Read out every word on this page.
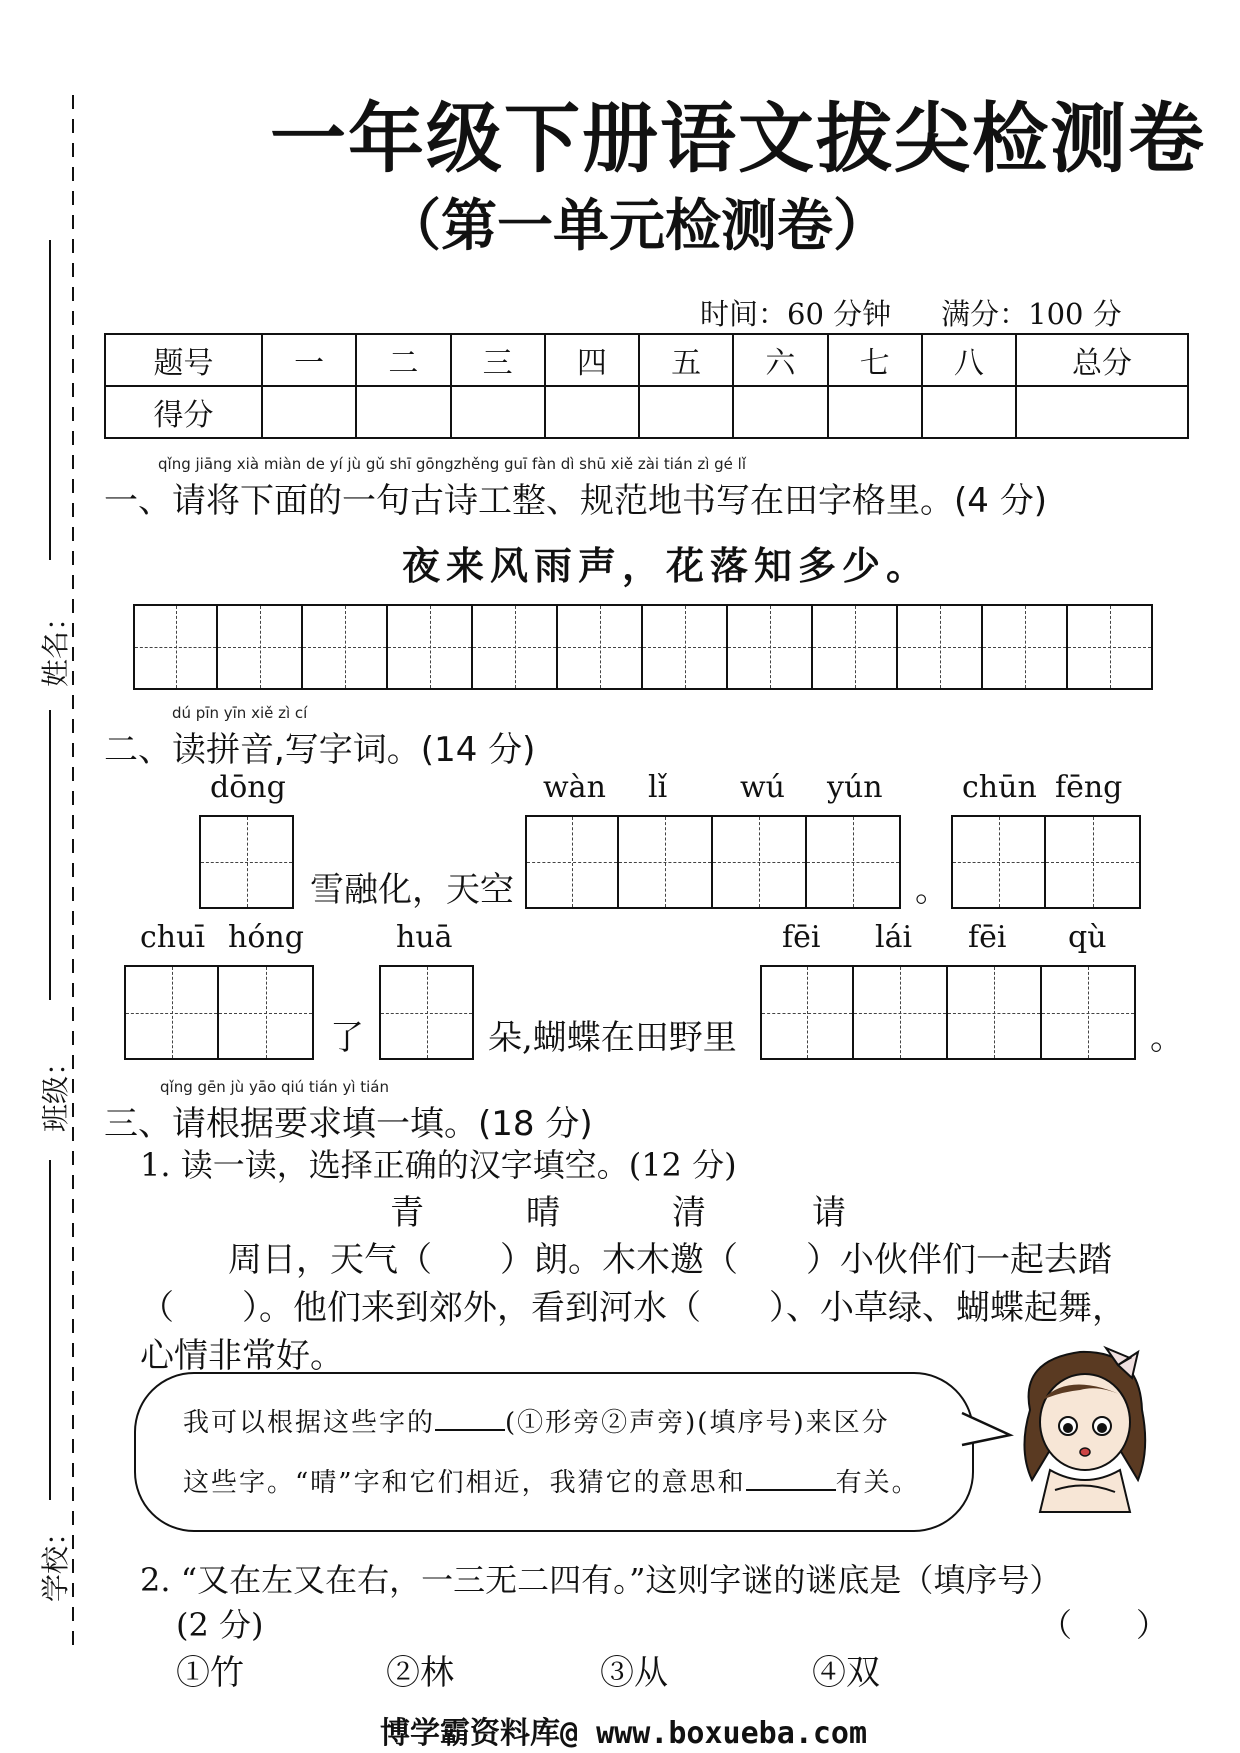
姓名：
班级：
学校：
一年级下册语文拔尖检测卷
（第一单元检测卷）
时间：60 分钟 满分：100 分
题号	一	二	三	四	五	六	七	八	总分
得分									
qǐng jiāng xià miàn de yí jù gǔ shī gōngzhěng guī fàn dì shū xiě zài tián zì gé lǐ
一、请将下面的一句古诗工整、规范地书写在田字格里。(4 分)
夜来风雨声，花落知多少。
dú pīn yīn xiě zì cí
二、读拼音,写字词。(14 分)
dōng	wàn lǐ wú yún	chūn fēng
雪融化，天空	。
chuī hóng	huā	fēi lái fēi qù
了	朵,蝴蝶在田野里	。
qǐng gēn jù yāo qiú tián yì tián
三、请根据要求填一填。(18 分)
1. 读一读，选择正确的汉字填空。(12 分)
青	晴	清	请
周日，天气（　　）朗。木木邀（　　）小伙伴们一起去踏
（　　）。他们来到郊外，看到河水（　　）、小草绿、蝴蝶起舞，
心情非常好。
我可以根据这些字的	(①形旁②声旁)(填序号)来区分
这些字。“晴”字和它们相近，我猜它的意思和	有关。
2. “又在左又在右，一三无二四有。”这则字谜的谜底是（填序号）
(2 分)	（　　）
①竹	②林	③从	④双
博学霸资料库@ www.boxueba.com
